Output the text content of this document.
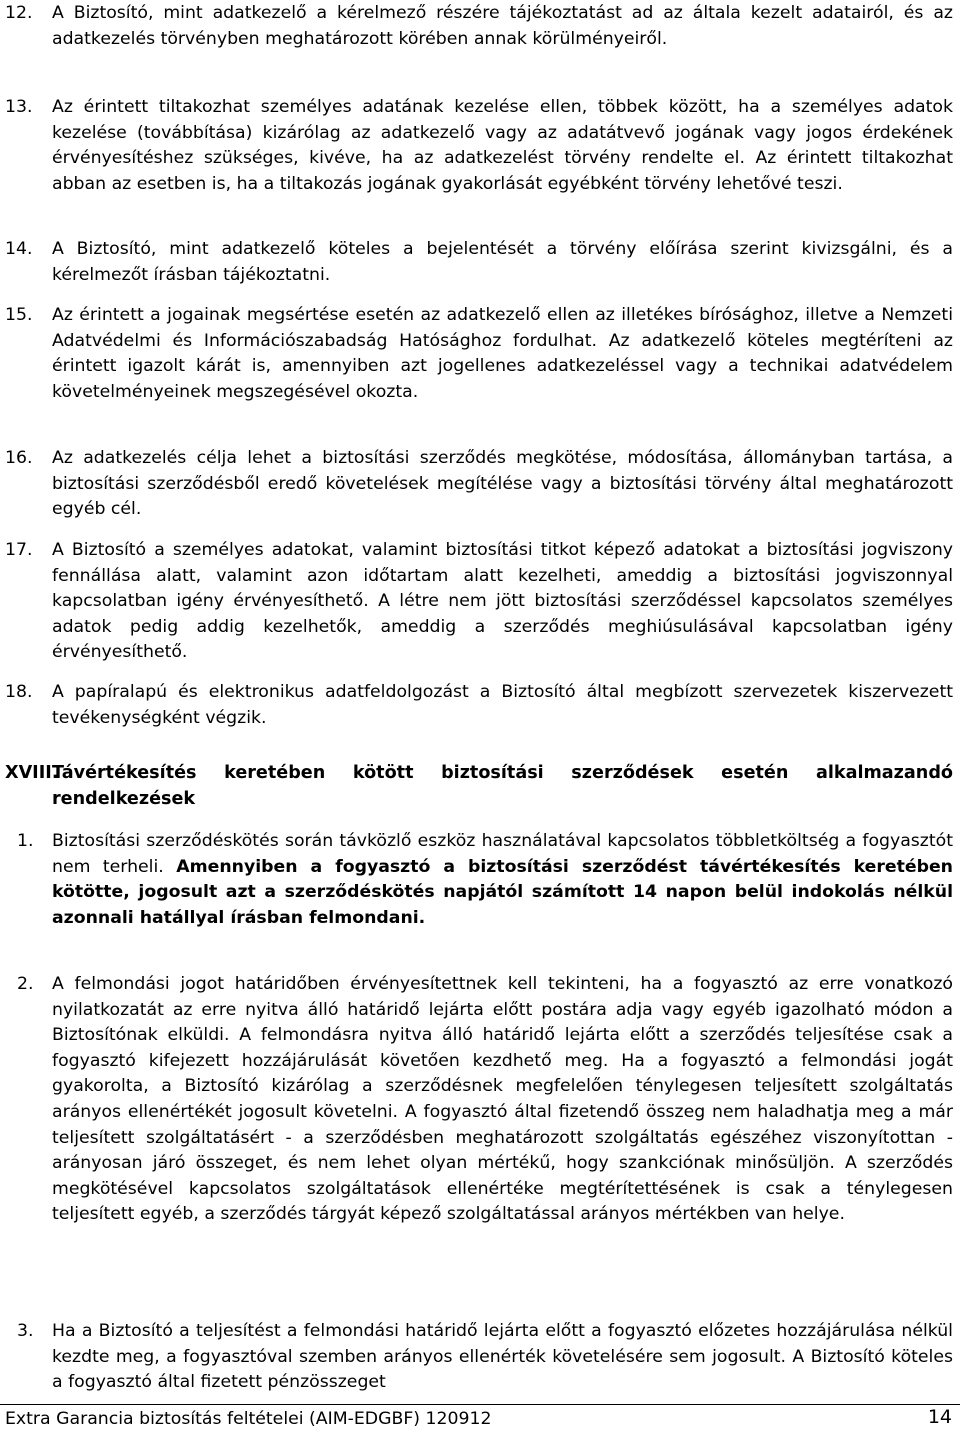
12.	A Biztosító, mint adatkezelő a kérelmező részére tájékoztatást ad az általa kezelt adatairól, és az adatkezelés törvényben meghatározott körében annak körülményeiről.
13.	Az érintett tiltakozhat személyes adatának kezelése ellen, többek között, ha a személyes adatok kezelése (továbbítása) kizárólag az adatkezelő vagy az adatátvevő jogának vagy jogos érdekének érvényesítéshez szükséges, kivéve, ha az adatkezelést törvény rendelte el. Az érintett tiltakozhat abban az esetben is, ha a tiltakozás jogának gyakorlását egyébként törvény lehetővé teszi.
14.	A Biztosító, mint adatkezelő köteles a bejelentését a törvény előírása szerint kivizsgálni, és a kérelmezőt írásban tájékoztatni.
15.	Az érintett a jogainak megsértése esetén az adatkezelő ellen az illetékes bírósághoz, illetve a Nemzeti Adatvédelmi és Információszabadság Hatósághoz fordulhat. Az adatkezelő köteles megtéríteni az érintett igazolt kárát is, amennyiben azt jogellenes adatkezeléssel vagy a technikai adatvédelem követelményeinek megszegésével okozta.
16.	Az adatkezelés célja lehet a biztosítási szerződés megkötése, módosítása, állományban tartása, a biztosítási szerződésből eredő követelések megítélése vagy a biztosítási törvény által meghatározott egyéb cél.
17.	A Biztosító a személyes adatokat, valamint biztosítási titkot képező adatokat a biztosítási jogviszony fennállása alatt, valamint azon időtartam alatt kezelheti, ameddig a biztosítási jogviszonnyal kapcsolatban igény érvényesíthető. A létre nem jött biztosítási szerződéssel kapcsolatos személyes adatok pedig addig kezelhetők, ameddig a szerződés meghiúsulásával kapcsolatban igény érvényesíthető.
18.	A papíralapú és elektronikus adatfeldolgozást a Biztosító által megbízott szervezetek kiszervezett tevékenységként végzik.
XVIII.
Távértékesítés keretében kötött biztosítási szerződések esetén alkalmazandó rendelkezések
1.	Biztosítási szerződéskötés során távközlő eszköz használatával kapcsolatos többletköltség a fogyasztót nem terheli. Amennyiben a fogyasztó a biztosítási szerződést távértékesítés keretében kötötte, jogosult azt a szerződéskötés napjától számított 14 napon belül indokolás nélkül azonnali hatállyal írásban felmondani.
2.	A felmondási jogot határidőben érvényesítettnek kell tekinteni, ha a fogyasztó az erre vonatkozó nyilatkozatát az erre nyitva álló határidő lejárta előtt postára adja vagy egyéb igazolható módon a Biztosítónak elküldi. A felmondásra nyitva álló határidő lejárta előtt a szerződés teljesítése csak a fogyasztó kifejezett hozzájárulását követően kezdhető meg. Ha a fogyasztó a felmondási jogát gyakorolta, a Biztosító kizárólag a szerződésnek megfelelően ténylegesen teljesített szolgáltatás arányos ellenértékét jogosult követelni. A fogyasztó által fizetendő összeg nem haladhatja meg a már teljesített szolgáltatásért - a szerződésben meghatározott szolgáltatás egészéhez viszonyítottan - arányosan járó összeget, és nem lehet olyan mértékű, hogy szankciónak minősüljön. A szerződés megkötésével kapcsolatos szolgáltatások ellenértéke megtérítettésének is csak a ténylegesen teljesített egyéb, a szerződés tárgyát képező szolgáltatással arányos mértékben van helye.
3.	Ha a Biztosító a teljesítést a felmondási határidő lejárta előtt a fogyasztó előzetes hozzájárulása nélkül kezdte meg, a fogyasztóval szemben arányos ellenérték követelésére sem jogosult. A Biztosító köteles a fogyasztó által fizetett pénzösszeget
Extra Garancia biztosítás feltételei (AIM-EDGBF) 120912	14
